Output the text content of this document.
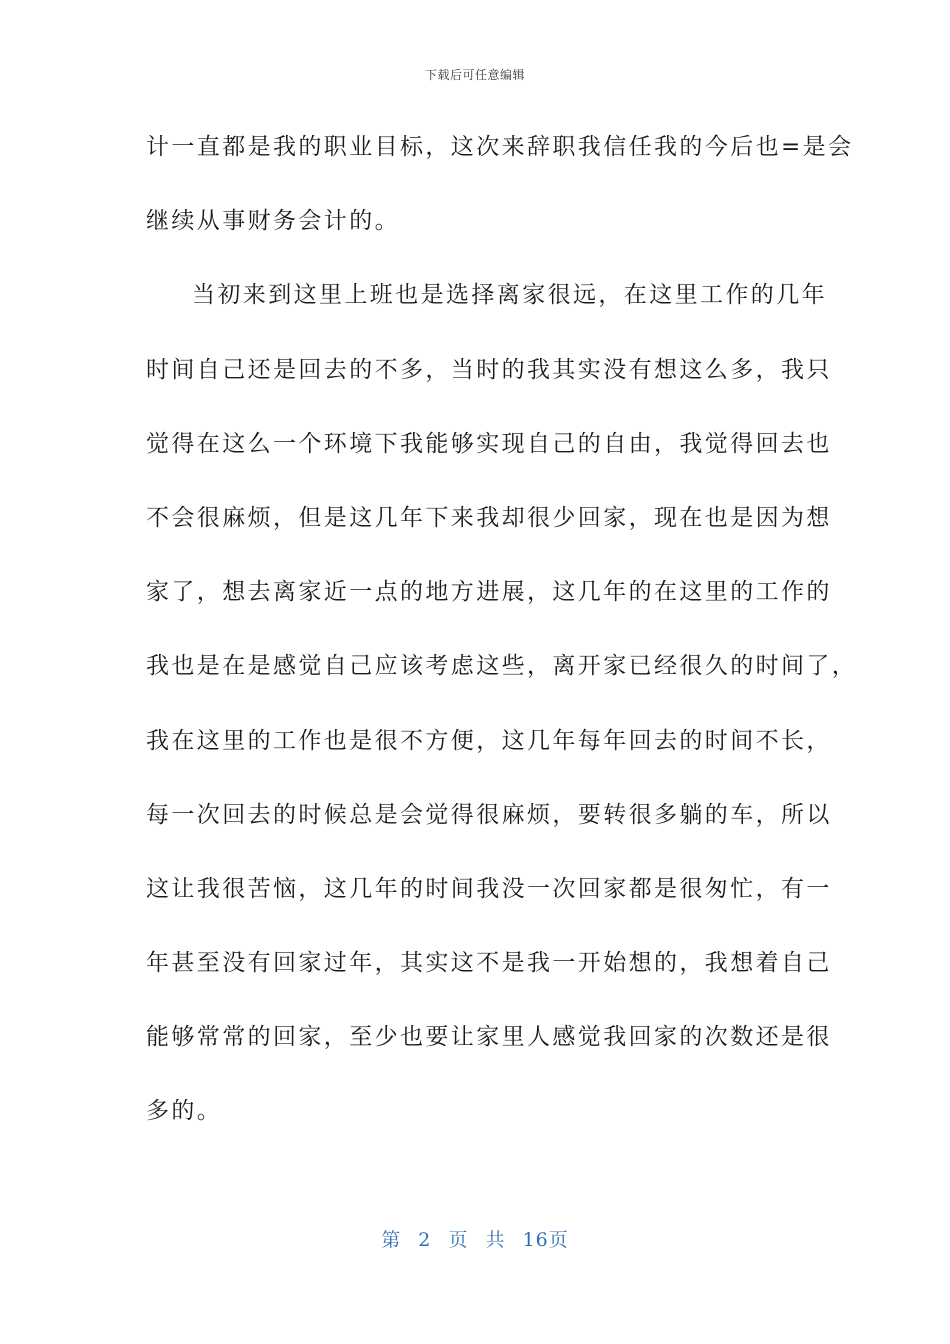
下载后可任意编辑
计一直都是我的职业目标，这次来辞职我信任我的今后也=是会
继续从事财务会计的。
当初来到这里上班也是选择离家很远，在这里工作的几年
时间自己还是回去的不多，当时的我其实没有想这么多，我只
觉得在这么一个环境下我能够实现自己的自由，我觉得回去也
不会很麻烦，但是这几年下来我却很少回家，现在也是因为想
家了，想去离家近一点的地方进展，这几年的在这里的工作的
我也是在是感觉自己应该考虑这些，离开家已经很久的时间了，
我在这里的工作也是很不方便，这几年每年回去的时间不长，
每一次回去的时候总是会觉得很麻烦，要转很多躺的车，所以
这让我很苦恼，这几年的时间我没一次回家都是很匆忙，有一
年甚至没有回家过年，其实这不是我一开始想的，我想着自己
能够常常的回家，至少也要让家里人感觉我回家的次数还是很
多的。
第 2 页 共 16页
